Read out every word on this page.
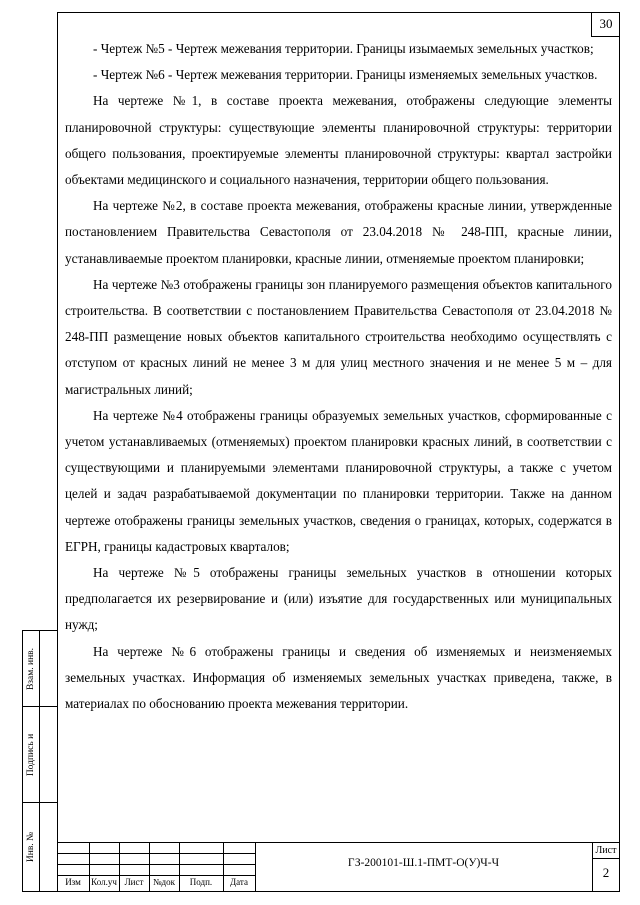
30

- Чертеж №5 - Чертеж межевания территории. Границы изымаемых земельных участков;

- Чертеж №6 - Чертеж межевания территории. Границы изменяемых земельных участков.

На чертеже №1, в составе проекта межевания, отображены следующие элементы планировочной структуры: существующие элементы планировочной структуры: территории общего пользования, проектируемые элементы планировочной структуры: квартал застройки объектами медицинского и социального назначения, территории общего пользования.

На чертеже №2, в составе проекта межевания, отображены красные линии, утвержденные постановлением Правительства Севастополя от 23.04.2018 № 248-ПП, красные линии, устанавливаемые проектом планировки, красные линии, отменяемые проектом планировки;

На чертеже №3 отображены границы зон планируемого размещения объектов капитального строительства. В соответствии с постановлением Правительства Севастополя от 23.04.2018 № 248-ПП размещение новых объектов капитального строительства необходимо осуществлять с отступом от красных линий не менее 3 м для улиц местного значения и не менее 5 м – для магистральных линий;

На чертеже №4 отображены границы образуемых земельных участков, сформированные с учетом устанавливаемых (отменяемых) проектом планировки красных линий, в соответствии с существующими и планируемыми элементами планировочной структуры, а также с учетом целей и задач разрабатываемой документации по планировки территории. Также на данном чертеже отображены границы земельных участков, сведения о границах, которых, содержатся в ЕГРН, границы кадастровых кварталов;

На чертеже №5 отображены границы земельных участков в отношении которых предполагается их резервирование и (или) изъятие для государственных или муниципальных нужд;

На чертеже №6 отображены границы и сведения об изменяемых и неизменяемых земельных участках. Информация об изменяемых земельных участках приведена, также, в материалах по обоснованию проекта межевания территории.

Взам. инв.
Подпись и
Инв. №
Изм	Кол.уч Лист	№док	Подп.	Дата
ГЗ-200101-Ш.1-ПМТ-О(У)Ч-Ч
Лист
2
